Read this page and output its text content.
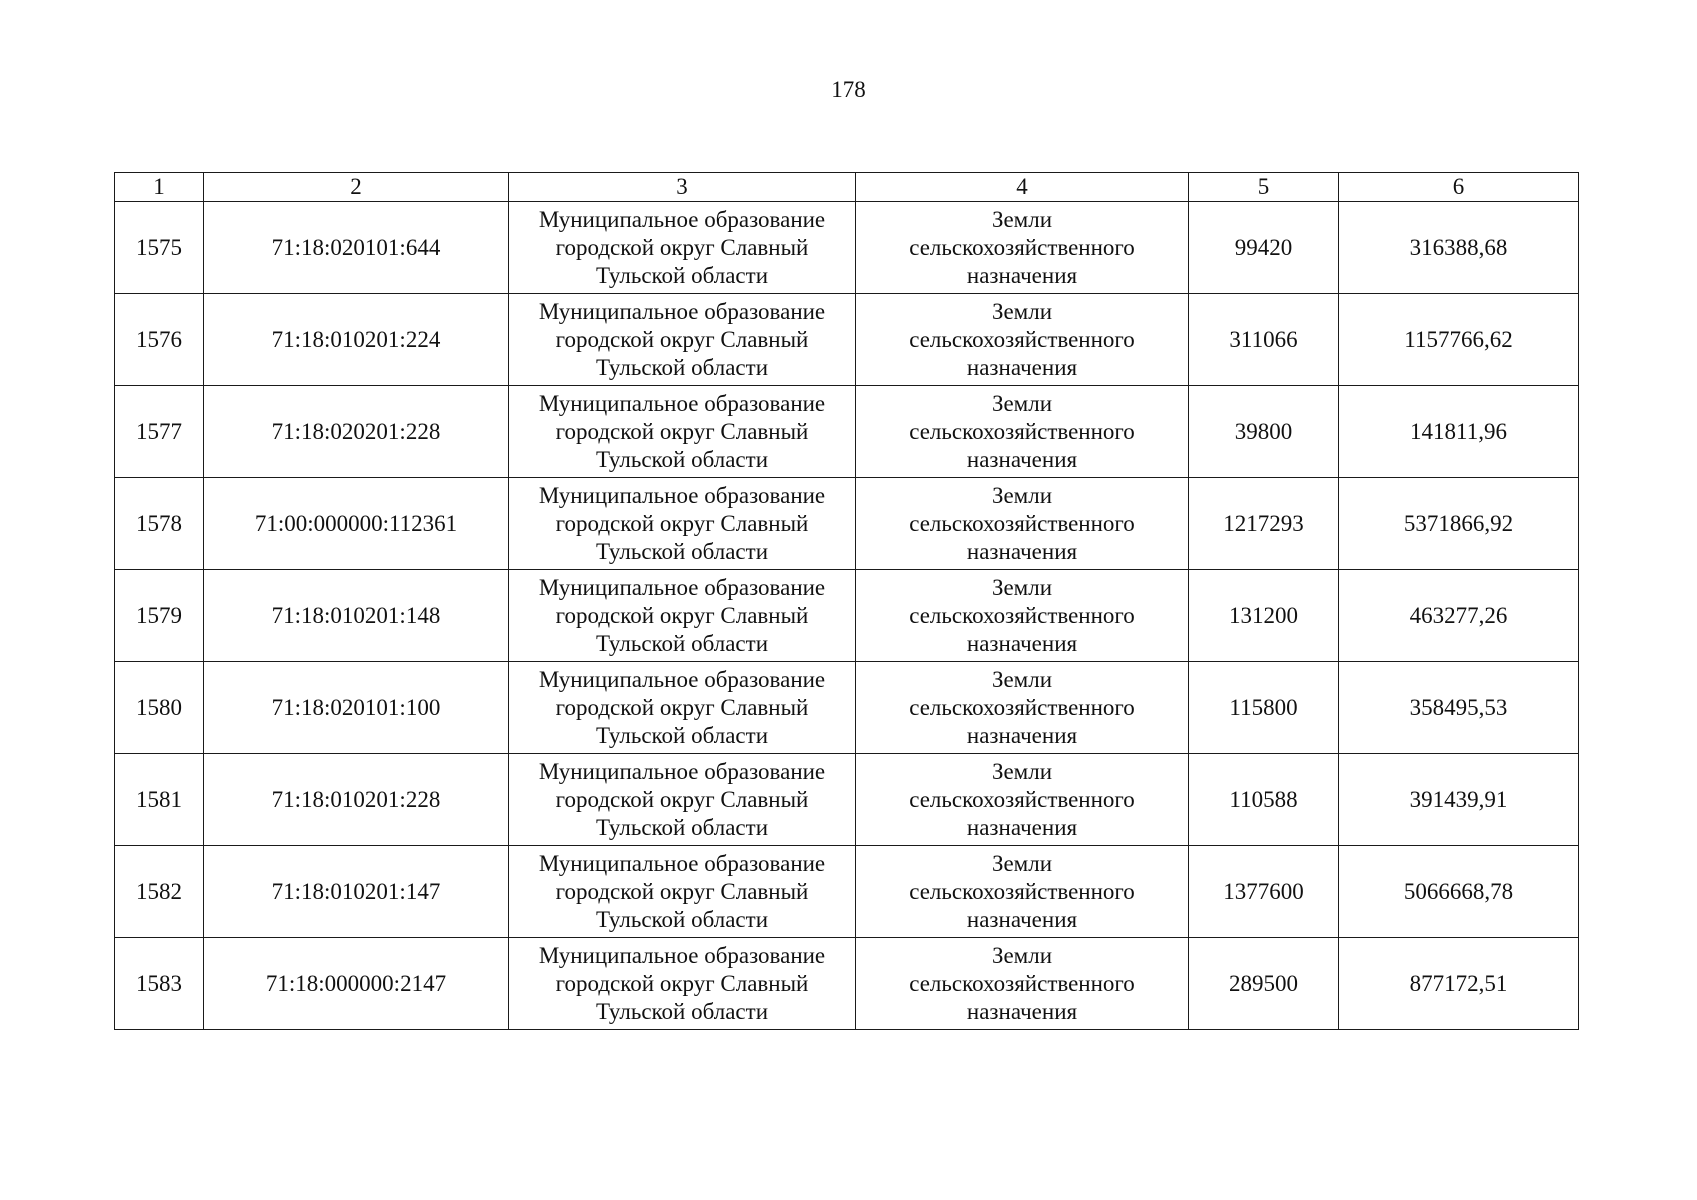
178
1	2	3	4	5	6
1575	71:18:020101:644	Муниципальное образование
городской округ Славный
Тульской области	Земли
сельскохозяйственного
назначения	99420	316388,68
1576	71:18:010201:224	Муниципальное образование
городской округ Славный
Тульской области	Земли
сельскохозяйственного
назначения	311066	1157766,62
1577	71:18:020201:228	Муниципальное образование
городской округ Славный
Тульской области	Земли
сельскохозяйственного
назначения	39800	141811,96
1578	71:00:000000:112361	Муниципальное образование
городской округ Славный
Тульской области	Земли
сельскохозяйственного
назначения	1217293	5371866,92
1579	71:18:010201:148	Муниципальное образование
городской округ Славный
Тульской области	Земли
сельскохозяйственного
назначения	131200	463277,26
1580	71:18:020101:100	Муниципальное образование
городской округ Славный
Тульской области	Земли
сельскохозяйственного
назначения	115800	358495,53
1581	71:18:010201:228	Муниципальное образование
городской округ Славный
Тульской области	Земли
сельскохозяйственного
назначения	110588	391439,91
1582	71:18:010201:147	Муниципальное образование
городской округ Славный
Тульской области	Земли
сельскохозяйственного
назначения	1377600	5066668,78
1583	71:18:000000:2147	Муниципальное образование
городской округ Славный
Тульской области	Земли
сельскохозяйственного
назначения	289500	877172,51
